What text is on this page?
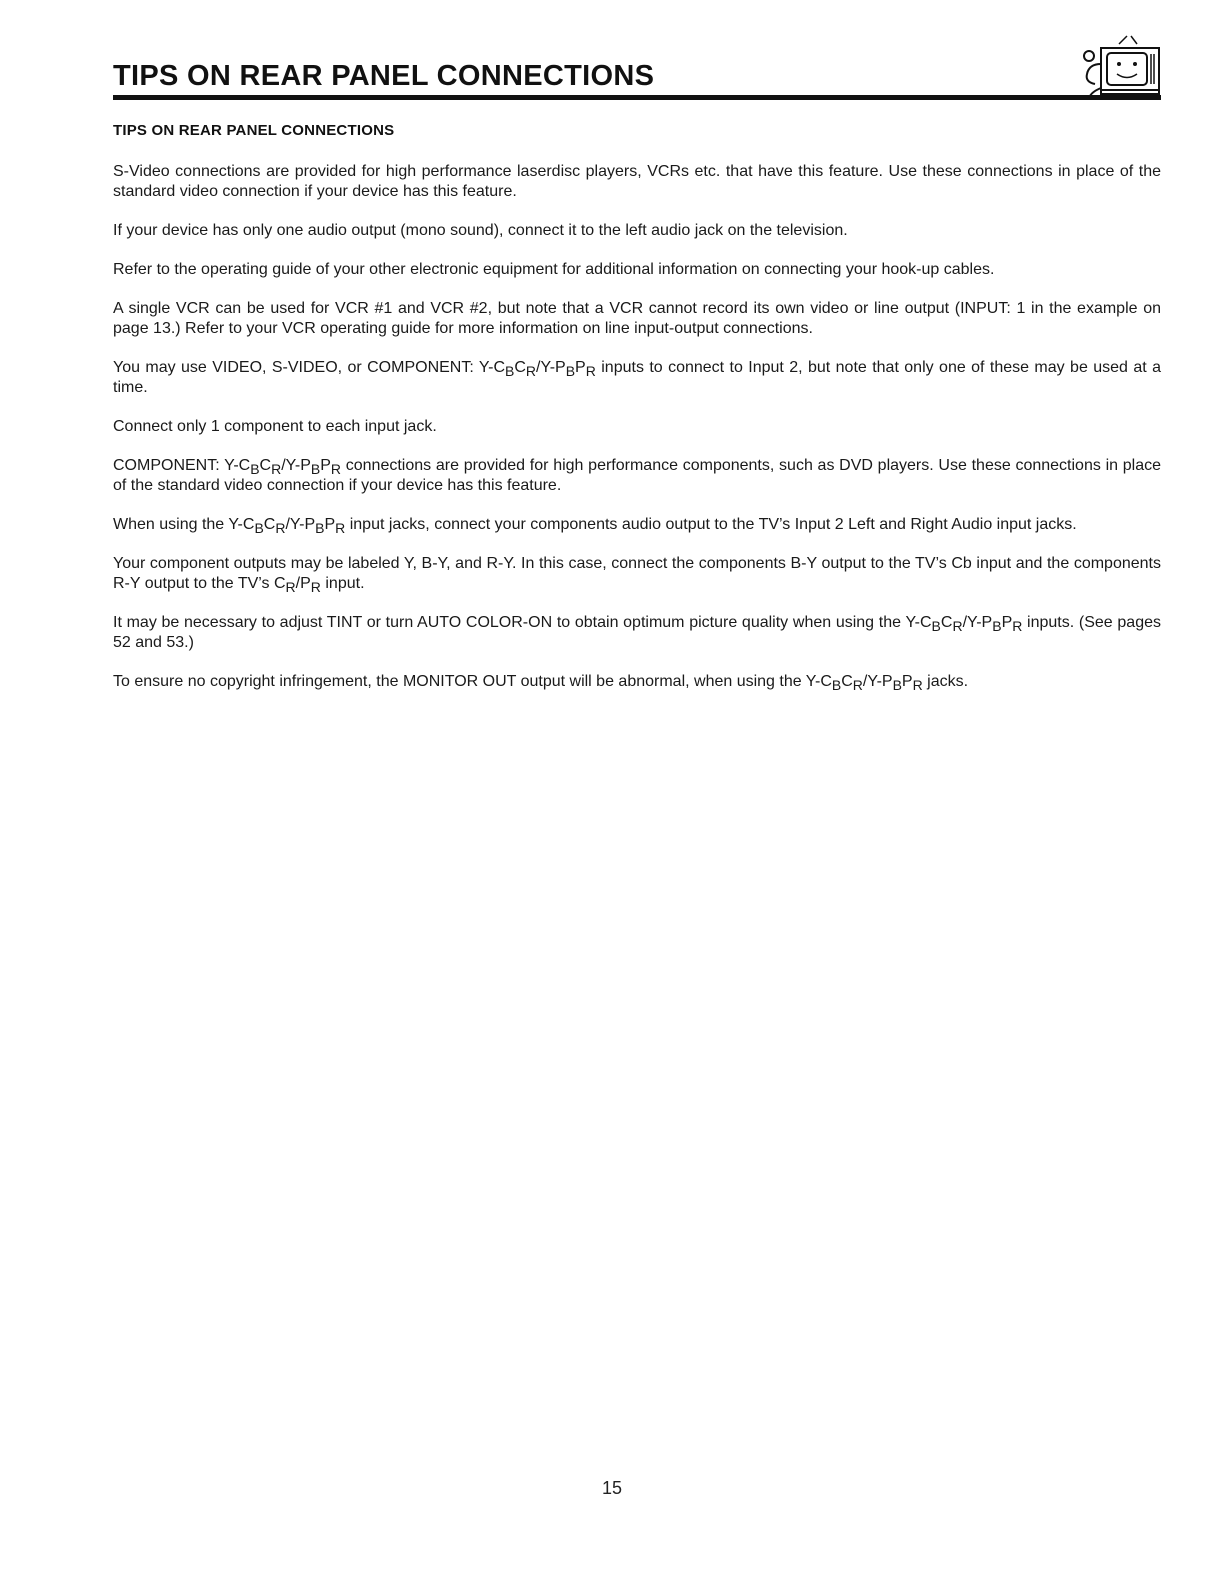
TIPS ON REAR PANEL CONNECTIONS
TIPS ON REAR PANEL CONNECTIONS

S-Video connections are provided for high performance laserdisc players, VCRs etc. that have this feature. Use these connections in place of the standard video connection if your device has this feature.

If your device has only one audio output (mono sound), connect it to the left audio jack on the television.

Refer to the operating guide of your other electronic equipment for additional information on connecting your hook-up cables.

A single VCR can be used for VCR #1 and VCR #2, but note that a VCR cannot record its own video or line output (INPUT: 1 in the example on page 13.) Refer to your VCR operating guide for more information on line input-output connections.

You may use VIDEO, S-VIDEO, or COMPONENT: Y-CBCR/Y-PBPR inputs to connect to Input 2, but note that only one of these may be used at a time.

Connect only 1 component to each input jack.

COMPONENT: Y-CBCR/Y-PBPR connections are provided for high performance components, such as DVD players. Use these connections in place of the standard video connection if your device has this feature.

When using the Y-CBCR/Y-PBPR input jacks, connect your components audio output to the TV’s Input 2 Left and Right Audio input jacks.

Your component outputs may be labeled Y, B-Y, and R-Y. In this case, connect the components B-Y output to the TV’s Cb input and the components R-Y output to the TV’s CR/PR input.

It may be necessary to adjust TINT or turn AUTO COLOR-ON to obtain optimum picture quality when using the Y-CBCR/Y-PBPR inputs. (See pages 52 and 53.)

To ensure no copyright infringement, the MONITOR OUT output will be abnormal, when using the Y-CBCR/Y-PBPR jacks.

15
